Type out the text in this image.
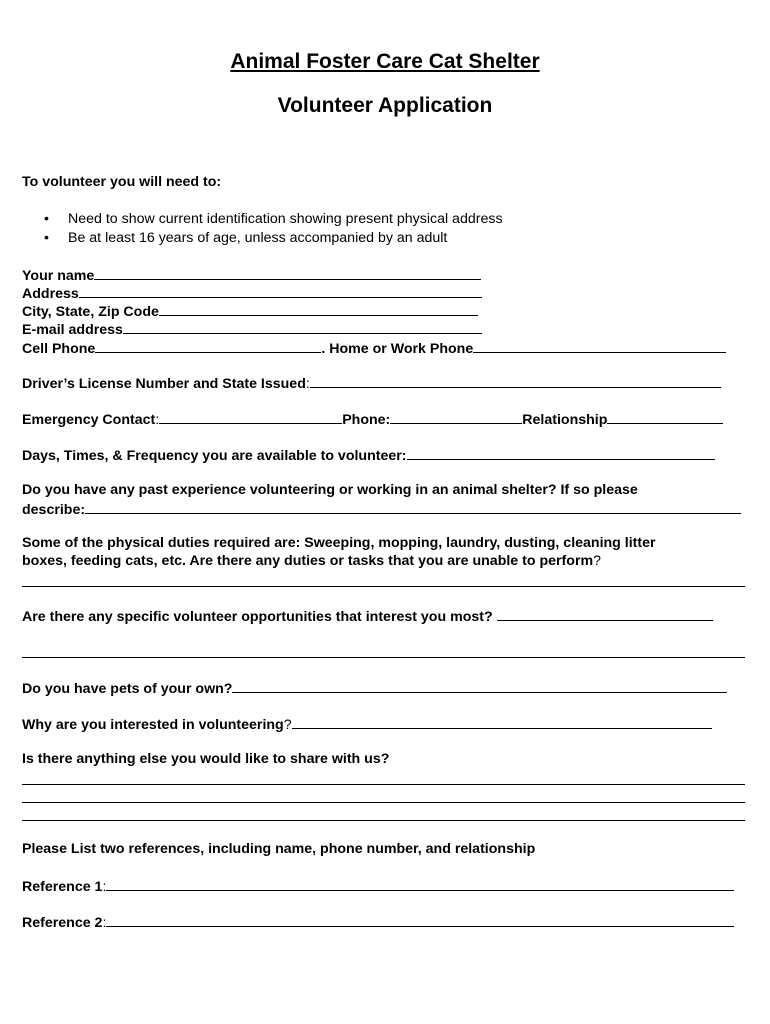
Animal Foster Care Cat Shelter
Volunteer Application
To volunteer you will need to:
• Need to show current identification showing present physical address
• Be at least 16 years of age, unless accompanied by an adult
Your name
Address
City, State, Zip Code
E-mail address
Cell Phone	. Home or Work Phone
Driver’s License Number and State Issued:
Emergency Contact:	Phone:	Relationship
Days, Times, & Frequency you are available to volunteer:
Do you have any past experience volunteering or working in an animal shelter? If so please
describe:
Some of the physical duties required are: Sweeping, mopping, laundry, dusting, cleaning litter
boxes, feeding cats, etc. Are there any duties or tasks that you are unable to perform?
Are there any specific volunteer opportunities that interest you most?
Do you have pets of your own?
Why are you interested in volunteering?
Is there anything else you would like to share with us?
Please List two references, including name, phone number, and relationship
Reference 1:
Reference 2:
